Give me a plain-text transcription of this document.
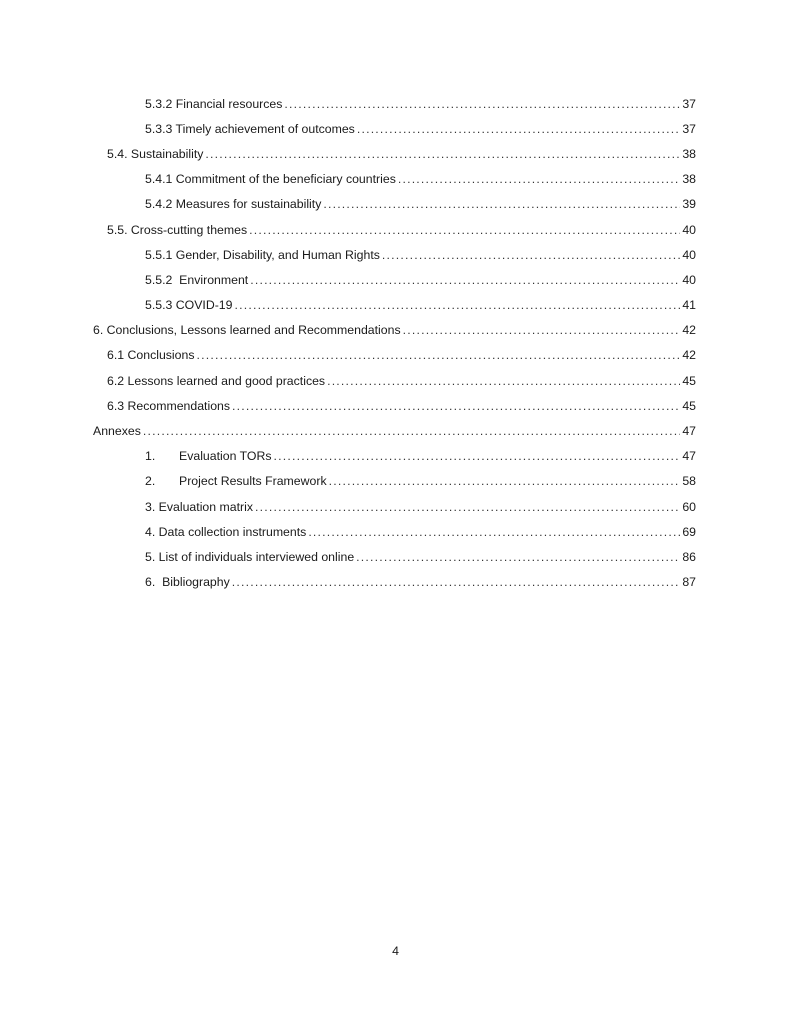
5.3.2 Financial resources .....	37
5.3.3 Timely achievement of outcomes .....	37
5.4. Sustainability .....	38
5.4.1 Commitment of the beneficiary countries .....	38
5.4.2 Measures for sustainability .....	39
5.5. Cross-cutting themes .....	40
5.5.1 Gender, Disability, and Human Rights .....	40
5.5.2  Environment .....	40
5.5.3 COVID-19 .....	41
6. Conclusions, Lessons learned and Recommendations .....	42
6.1 Conclusions .....	42
6.2 Lessons learned and good practices .....	45
6.3 Recommendations .....	45
Annexes .....	47
1. Evaluation TORs .....	47
2. Project Results Framework .....	58
3. Evaluation matrix .....	60
4. Data collection instruments .....	69
5. List of individuals interviewed online .....	86
6.  Bibliography .....	87
4
